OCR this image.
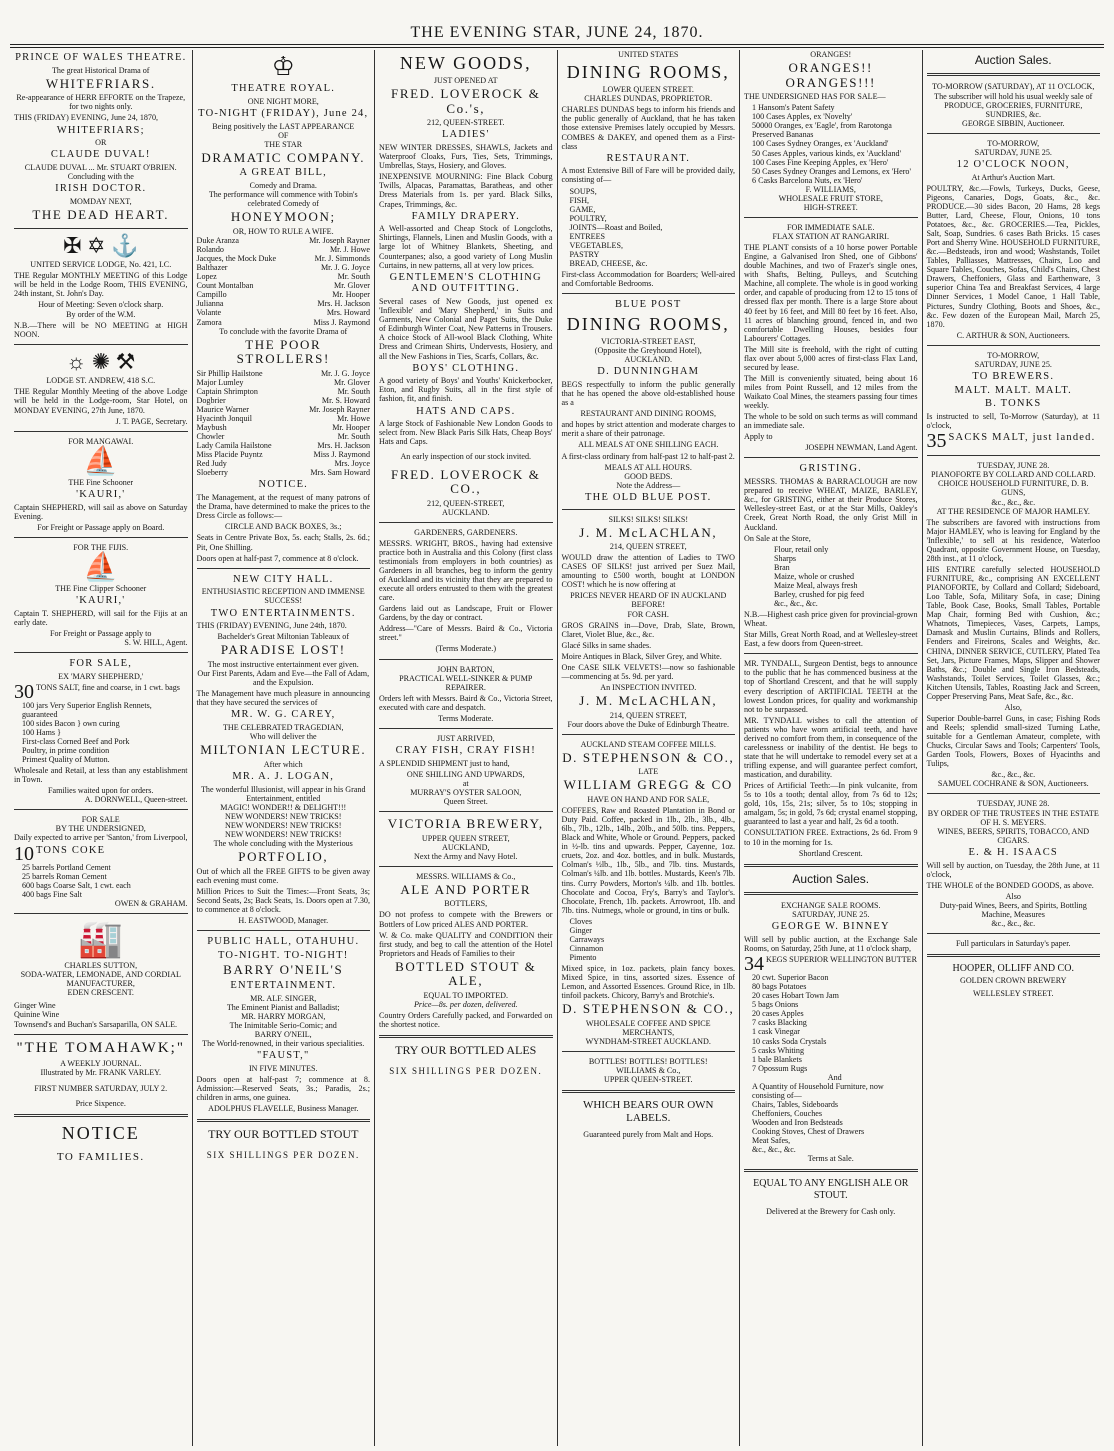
THE EVENING STAR, JUNE 24, 1870.
PRINCE OF WALES THEATRE.
The great Historical Drama of
WHITEFRIARS.
Re-appearance of HERR EFFORTE on the Trapeze, for two nights only.
THIS (FRIDAY) EVENING, June 24, 1870,
WHITEFRIARS;
OR
CLAUDE DUVAL!
CLAUDE DUVAL ... Mr. STUART O'BRIEN.
Concluding with the
IRISH DOCTOR.
MOMDAY NEXT,
THE DEAD HEART.
✠ ✡ ⚓
UNITED SERVICE LODGE, No. 421, I.C.
THE Regular MONTHLY MEETING of this Lodge will be held in the Lodge Room, THIS EVENING, 24th instant, St. John's Day.
Hour of Meeting: Seven o'clock sharp.
By order of the W.M.
N.B.—There will be NO MEETING at HIGH NOON.
☼ ✺ ⚒
LODGE ST. ANDREW, 418 S.C.
THE Regular Monthly Meeting of the above Lodge will be held in the Lodge-room, Star Hotel, on MONDAY EVENING, 27th June, 1870.
J. T. PAGE, Secretary.
FOR MANGAWAI.
⛵
THE Fine Schooner
'KAURI,'
Captain SHEPHERD, will sail as above on Saturday Evening.
For Freight or Passage apply on Board.
FOR THE FIJIS.
⛵
THE Fine Clipper Schooner
'KAURI,'
Captain T. SHEPHERD, will sail for the Fijis at an early date.
For Freight or Passage apply to
S. W. HILL, Agent.
FOR SALE,
EX 'MARY SHEPHERD,'
30 TONS SALT, fine and coarse, in 1 cwt. bags
100 jars Very Superior English Rennets, guaranteed
100 sides Bacon } own curing
100 Hams }
First-class Corned Beef and Pork
Poultry, in prime condition
Primest Quality of Mutton.
Wholesale and Retail, at less than any establishment in Town.
Families waited upon for orders.
A. DORNWELL, Queen-street.
FOR SALE
BY THE UNDERSIGNED,
Daily expected to arrive per 'Santon,' from Liverpool,
10 TONS COKE
25 barrels Portland Cement
25 barrels Roman Cement
600 bags Coarse Salt, 1 cwt. each
400 bags Fine Salt
OWEN & GRAHAM.
🏭
CHARLES SUTTON,
SODA-WATER, LEMONADE, AND CORDIAL MANUFACTURER,
EDEN CRESCENT.
Ginger Wine
Quinine Wine
Townsend's and Buchan's Sarsaparilla, ON SALE.
"THE TOMAHAWK;"
A WEEKLY JOURNAL.
Illustrated by Mr. FRANK VARLEY.
FIRST NUMBER SATURDAY, JULY 2.
Price Sixpence.
NOTICE
TO FAMILIES.
♔
THEATRE ROYAL.
ONE NIGHT MORE,
TO-NIGHT (FRIDAY), June 24,
Being positively the LAST APPEARANCE
OF
THE STAR
DRAMATIC COMPANY.
A GREAT BILL,
Comedy and Drama.
The performance will commence with Tobin's celebrated Comedy of
HONEYMOON;
OR, HOW TO RULE A WIFE.
Duke Aranza	Mr. Joseph Rayner
Rolando	Mr. J. Howe
Jacques, the Mock Duke	Mr. J. Simmonds
Balthazer	Mr. J. G. Joyce
Lopez	Mr. South
Count Montalban	Mr. Glover
Campillo	Mr. Hooper
Julianna	Mrs. H. Jackson
Volante	Mrs. Howard
Zamora	Miss J. Raymond
To conclude with the favorite Drama of
THE POOR STROLLERS!
Sir Phillip Hailstone	Mr. J. G. Joyce
Major Lumley	Mr. Glover
Captain Shrimpton	Mr. South
Dogbrier	Mr. S. Howard
Maurice Warner	Mr. Joseph Rayner
Hyacinth Jonquil	Mr. Howe
Maybush	Mr. Hooper
Chowler	Mr. South
Lady Camila Hailstone	Mrs. H. Jackson
Miss Placide Puyntz	Miss J. Raymond
Red Judy	Mrs. Joyce
Sloeberry	Mrs. Sam Howard
NOTICE.
The Management, at the request of many patrons of the Drama, have determined to make the prices to the Dress Circle as follows:—
CIRCLE AND BACK BOXES, 3s.;
Seats in Centre Private Box, 5s. each; Stalls, 2s. 6d.; Pit, One Shilling.
Doors open at half-past 7, commence at 8 o'clock.
NEW CITY HALL.
ENTHUSIASTIC RECEPTION AND IMMENSE SUCCESS!
TWO ENTERTAINMENTS.
THIS (FRIDAY) EVENING, June 24th, 1870.
Bachelder's Great Miltonian Tableaux of
PARADISE LOST!
The most instructive entertainment ever given.
Our First Parents, Adam and Eve—the Fall of Adam, and the Expulsion.
The Management have much pleasure in announcing that they have secured the services of
MR. W. G. CAREY,
THE CELEBRATED TRAGEDIAN,
Who will deliver the
MILTONIAN LECTURE.
After which
MR. A. J. LOGAN,
The wonderful Illusionist, will appear in his Grand Entertainment, entitled
MAGIC! WONDER!! & DELIGHT!!!
NEW WONDERS! NEW TRICKS!
NEW WONDERS! NEW TRICKS!
NEW WONDERS! NEW TRICKS!
The whole concluding with the Mysterious
PORTFOLIO,
Out of which all the FREE GIFTS to be given away each evening must come.
Million Prices to Suit the Times:—Front Seats, 3s; Second Seats, 2s; Back Seats, 1s. Doors open at 7.30, to commence at 8 o'clock.
H. EASTWOOD, Manager.
PUBLIC HALL, OTAHUHU.
TO-NIGHT. TO-NIGHT!
BARRY O'NEIL'S
ENTERTAINMENT.
MR. ALF. SINGER,
The Eminent Pianist and Balladist;
MR. HARRY MORGAN,
The Inimitable Serio-Comic; and
BARRY O'NEIL,
The World-renowned, in their various specialities.
"FAUST,"
IN FIVE MINUTES.
Doors open at half-past 7; commence at 8. Admission:—Reserved Seats, 3s.; Paradis, 2s.; children in arms, one guinea.
ADOLPHUS FLAVELLE, Business Manager.
TRY OUR BOTTLED STOUT
SIX SHILLINGS PER DOZEN.
NEW GOODS,
JUST OPENED AT
FRED. LOVEROCK & Co.'s,
212, QUEEN-STREET.
LADIES'
NEW WINTER DRESSES, SHAWLS, Jackets and Waterproof Cloaks, Furs, Ties, Sets, Trimmings, Umbrellas, Stays, Hosiery, and Gloves.
INEXPENSIVE MOURNING: Fine Black Coburg Twills, Alpacas, Paramattas, Baratheas, and other Dress Materials from 1s. per yard. Black Silks, Crapes, Trimmings, &c.
FAMILY DRAPERY.
A Well-assorted and Cheap Stock of Longcloths, Shirtings, Flannels, Linen and Muslin Goods, with a large lot of Whitney Blankets, Sheeting, and Counterpanes; also, a good variety of Long Muslin Curtains, in new patterns, all at very low prices.
GENTLEMEN'S CLOTHING AND OUTFITTING.
Several cases of New Goods, just opened ex 'Inflexible' and 'Mary Shepherd,' in Suits and Garments, New Colonial and Paget Suits, the Duke of Edinburgh Winter Coat, New Patterns in Trousers. A choice Stock of All-wool Black Clothing, White Dress and Crimean Shirts, Undervests, Hosiery, and all the New Fashions in Ties, Scarfs, Collars, &c.
BOYS' CLOTHING.
A good variety of Boys' and Youths' Knickerbocker, Eton, and Rugby Suits, all in the first style of fashion, fit, and finish.
HATS AND CAPS.
A large Stock of Fashionable New London Goods to select from. New Black Paris Silk Hats, Cheap Boys' Hats and Caps.
An early inspection of our stock invited.
FRED. LOVEROCK & CO.,
212, QUEEN-STREET,
AUCKLAND.
GARDENERS, GARDENERS.
MESSRS. WRIGHT, BROS., having had extensive practice both in Australia and this Colony (first class testimonials from employers in both countries) as Gardeners in all branches, beg to inform the gentry of Auckland and its vicinity that they are prepared to execute all orders entrusted to them with the greatest care.
Gardens laid out as Landscape, Fruit or Flower Gardens, by the day or contract.
Address—"Care of Messrs. Baird & Co., Victoria street."
(Terms Moderate.)
JOHN BARTON,
PRACTICAL WELL-SINKER & PUMP REPAIRER.
Orders left with Messrs. Baird & Co., Victoria Street, executed with care and despatch.
Terms Moderate.
JUST ARRIVED,
CRAY FISH, CRAY FISH!
A SPLENDID SHIPMENT just to hand,
ONE SHILLING AND UPWARDS,
at
MURRAY'S OYSTER SALOON,
Queen Street.
VICTORIA BREWERY,
UPPER QUEEN STREET,
AUCKLAND,
Next the Army and Navy Hotel.
MESSRS. WILLIAMS & Co.,
ALE AND PORTER
BOTTLERS,
DO not profess to compete with the Brewers or Bottlers of Low priced ALES AND PORTER.
W. & Co. make QUALITY and CONDITION their first study, and beg to call the attention of the Hotel Proprietors and Heads of Families to their
BOTTLED STOUT & ALE,
EQUAL TO IMPORTED.
Price—8s. per dozen, delivered.
Country Orders Carefully packed, and Forwarded on the shortest notice.
TRY OUR BOTTLED ALES
SIX SHILLINGS PER DOZEN.
UNITED STATES
DINING ROOMS,
LOWER QUEEN STREET.
CHARLES DUNDAS, PROPRIETOR.
CHARLES DUNDAS begs to inform his friends and the public generally of Auckland, that he has taken those extensive Premises lately occupied by Messrs. COMBES & DAKEY, and opened them as a First-class
RESTAURANT.
A most Extensive Bill of Fare will be provided daily, consisting of—
SOUPS,
FISH,
GAME,
POULTRY,
JOINTS—Roast and Boiled,
ENTREES
VEGETABLES,
PASTRY
BREAD, CHEESE, &c.
First-class Accommodation for Boarders; Well-aired and Comfortable Bedrooms.
BLUE POST
DINING ROOMS,
VICTORIA-STREET EAST,
(Opposite the Greyhound Hotel),
AUCKLAND.
D. DUNNINGHAM
BEGS respectfully to inform the public generally that he has opened the above old-established house as a
RESTAURANT AND DINING ROOMS,
and hopes by strict attention and moderate charges to merit a share of their patronage.
ALL MEALS AT ONE SHILLING EACH.
A first-class ordinary from half-past 12 to half-past 2.
MEALS AT ALL HOURS.
GOOD BEDS.
Note the Address—
THE OLD BLUE POST.
SILKS! SILKS! SILKS!
J. M. McLACHLAN,
214, QUEEN STREET,
WOULD draw the attention of Ladies to TWO CASES OF SILKS! just arrived per Suez Mail, amounting to £500 worth, bought at LONDON COST! which he is now offering at
PRICES NEVER HEARD OF IN AUCKLAND BEFORE!
FOR CASH.
GROS GRAINS in—Dove, Drab, Slate, Brown, Claret, Violet Blue, &c., &c.
Glacé Silks in same shades.
Moire Antiques in Black, Silver Grey, and White.
One CASE SILK VELVETS!—now so fashionable—commencing at 5s. 9d. per yard.
An INSPECTION INVITED.
J. M. McLACHLAN,
214, QUEEN STREET,
Four doors above the Duke of Edinburgh Theatre.
AUCKLAND STEAM COFFEE MILLS.
D. STEPHENSON & CO.,
LATE
WILLIAM GREGG & CO
HAVE ON HAND AND FOR SALE,
COFFEES, Raw and Roasted Plantation in Bond or Duty Paid. Coffee, packed in 1lb., 2lb., 3lb., 4lb., 6lb., 7lb., 12lb., 14lb., 20lb., and 50lb. tins. Peppers, Black and White, Whole or Ground. Peppers, packed in ½-lb. tins and upwards. Pepper, Cayenne, 1oz. cruets, 2oz. and 4oz. bottles, and in bulk. Mustards, Colman's ½lb., 1lb., 5lb., and 7lb. tins. Mustards, Colman's ¼lb. and 1lb. bottles. Mustards, Keen's 7lb. tins. Curry Powders, Morton's ¼lb. and 1lb. bottles. Chocolate and Cocoa, Fry's, Barry's and Taylor's. Chocolate, French, 1lb. packets. Arrowroot, 1lb. and 7lb. tins. Nutmegs, whole or ground, in tins or bulk.
Cloves
Ginger
Carraways
Cinnamon
Pimento
Mixed spice, in 1oz. packets, plain fancy boxes. Mixed Spice, in tins, assorted sizes. Essence of Lemon, and Assorted Essences. Ground Rice, in 1lb. tinfoil packets. Chicory, Barry's and Brotchie's.
D. STEPHENSON & CO.,
WHOLESALE COFFEE AND SPICE MERCHANTS,
WYNDHAM-STREET AUCKLAND.
BOTTLES! BOTTLES! BOTTLES!
WILLIAMS & Co.,
UPPER QUEEN-STREET.
WHICH BEARS OUR OWN LABELS.
Guaranteed purely from Malt and Hops.
ORANGES!
ORANGES!! ORANGES!!!
THE UNDERSIGNED HAS FOR SALE—
1 Hansom's Patent Safety
100 Cases Apples, ex 'Novelty'
50000 Oranges, ex 'Eagle', from Rarotonga
Preserved Bananas
100 Cases Sydney Oranges, ex 'Auckland'
50 Cases Apples, various kinds, ex 'Auckland'
100 Cases Fine Keeping Apples, ex 'Hero'
50 Cases Sydney Oranges and Lemons, ex 'Hero'
6 Casks Barcelona Nuts, ex 'Hero'
F. WILLIAMS,
WHOLESALE FRUIT STORE,
HIGH-STREET.
FOR IMMEDIATE SALE.
FLAX STATION AT RANGARIRI.
THE PLANT consists of a 10 horse power Portable Engine, a Galvanised Iron Shed, one of Gibbons' double Machines, and two of Frazer's single ones, with Shafts, Belting, Pulleys, and Scutching Machine, all complete. The whole is in good working order, and capable of producing from 12 to 15 tons of dressed flax per month. There is a large Store about 40 feet by 16 feet, and Mill 80 feet by 16 feet. Also, 11 acres of blanching ground, fenced in, and two comfortable Dwelling Houses, besides four Labourers' Cottages.
The Mill site is freehold, with the right of cutting flax over about 5,000 acres of first-class Flax Land, secured by lease.
The Mill is conveniently situated, being about 16 miles from Point Russell, and 12 miles from the Waikato Coal Mines, the steamers passing four times weekly.
The whole to be sold on such terms as will command an immediate sale.
Apply to
JOSEPH NEWMAN, Land Agent.
GRISTING.
MESSRS. THOMAS & BARRACLOUGH are now prepared to receive WHEAT, MAIZE, BARLEY, &c., for GRISTING, either at their Produce Stores, Wellesley-street East, or at the Star Mills, Oakley's Creek, Great North Road, the only Grist Mill in Auckland.
On Sale at the Store,
Flour, retail only
Sharps
Bran
Maize, whole or crushed
Maize Meal, always fresh
Barley, crushed for pig feed
&c., &c., &c.
N.B.—Highest cash price given for provincial-grown Wheat.
Star Mills, Great North Road, and at Wellesley-street East, a few doors from Queen-street.
MR. TYNDALL, Surgeon Dentist, begs to announce to the public that he has commenced business at the top of Shortland Crescent, and that he will supply every description of ARTIFICIAL TEETH at the lowest London prices, for quality and workmanship not to be surpassed.
MR. TYNDALL wishes to call the attention of patients who have worn artificial teeth, and have derived no comfort from them, in consequence of the carelessness or inability of the dentist. He begs to state that he will undertake to remodel every set at a trifling expense, and will guarantee perfect comfort, mastication, and durability.
Prices of Artificial Teeth:—In pink vulcanite, from 5s to 10s a tooth; dental alloy, from 7s 6d to 12s; gold, 10s, 15s, 21s; silver, 5s to 10s; stopping in amalgam, 5s; in gold, 7s 6d; crystal enamel stopping, guaranteed to last a year and half, 2s 6d a tooth.
CONSULTATION FREE. Extractions, 2s 6d. From 9 to 10 in the morning for 1s.
Shortland Crescent.
Auction Sales.
EXCHANGE SALE ROOMS.
SATURDAY, JUNE 25.
GEORGE W. BINNEY
Will sell by public auction, at the Exchange Sale Rooms, on Saturday, 25th June, at 11 o'clock sharp,
34 KEGS SUPERIOR WELLINGTON BUTTER
20 cwt. Superior Bacon
80 bags Potatoes
20 cases Hobart Town Jam
5 bags Onions
20 cases Apples
7 casks Blacking
1 cask Vinegar
10 casks Soda Crystals
5 casks Whiting
1 bale Blankets
7 Opossum Rugs
And
A Quantity of Household Furniture, now consisting of—
Chairs, Tables, Sideboards
Cheffoniers, Couches
Wooden and Iron Bedsteads
Cooking Stoves, Chest of Drawers
Meat Safes,
&c., &c., &c.
Terms at Sale.
EQUAL TO ANY ENGLISH ALE OR STOUT.
Delivered at the Brewery for Cash only.
Auction Sales.
TO-MORROW (SATURDAY), AT 11 O'CLOCK,
The subscriber will hold his usual weekly sale of
PRODUCE, GROCERIES, FURNITURE, SUNDRIES, &c.
GEORGE SIBBIN, Auctioneer.
TO-MORROW,
SATURDAY, JUNE 25.
12 O'CLOCK NOON,
At Arthur's Auction Mart.
POULTRY, &c.—Fowls, Turkeys, Ducks, Geese, Pigeons, Canaries, Dogs, Goats, &c., &c. PRODUCE.—30 sides Bacon, 20 Hams, 28 kegs Butter, Lard, Cheese, Flour, Onions, 10 tons Potatoes, &c., &c. GROCERIES.—Tea, Pickles, Salt, Soap, Sundries. 6 cases Bath Bricks. 15 cases Port and Sherry Wine. HOUSEHOLD FURNITURE, &c.—Bedsteads, iron and wood; Washstands, Toilet Tables, Palliasses, Mattresses, Chairs, Loo and Square Tables, Couches, Sofas, Child's Chairs, Chest Drawers, Cheffoniers, Glass and Earthenware, 3 superior China Tea and Breakfast Services, 4 large Dinner Services, 1 Model Canoe, 1 Hall Table, Pictures, Sundry Clothing, Boots and Shoes, &c., &c. Few dozen of the European Mail, March 25, 1870.
C. ARTHUR & SON, Auctioneers.
TO-MORROW,
SATURDAY, JUNE 25.
TO BREWERS.
MALT. MALT. MALT.
B. TONKS
Is instructed to sell, To-Morrow (Saturday), at 11 o'clock,
35 SACKS MALT, just landed.
TUESDAY, JUNE 28.
PIANOFORTE BY COLLARD AND COLLARD.
CHOICE HOUSEHOLD FURNITURE, D. B. GUNS,
&c., &c., &c.
AT THE RESIDENCE OF MAJOR HAMLEY.
The subscribers are favored with instructions from Major HAMLEY, who is leaving for England by the 'Inflexible,' to sell at his residence, Waterloo Quadrant, opposite Government House, on Tuesday, 28th inst., at 11 o'clock,
HIS ENTIRE carefully selected HOUSEHOLD FURNITURE, &c., comprising AN EXCELLENT PIANOFORTE, by Collard and Collard; Sideboard, Loo Table, Sofa, Military Sofa, in case; Dining Table, Book Case, Books, Small Tables, Portable Map Chair, forming Bed with Cushion, &c.; Whatnots, Timepieces, Vases, Carpets, Lamps, Damask and Muslin Curtains, Blinds and Rollers, Fenders and Fireirons, Scales and Weights, &c. CHINA, DINNER SERVICE, CUTLERY, Plated Tea Set, Jars, Picture Frames, Maps, Slipper and Shower Baths, &c.; Double and Single Iron Bedsteads, Washstands, Toilet Services, Toilet Glasses, &c.; Kitchen Utensils, Tables, Roasting Jack and Screen, Copper Preserving Pans, Meat Safe, &c., &c.
Also,
Superior Double-barrel Guns, in case; Fishing Rods and Reels; splendid small-sized Turning Lathe, suitable for a Gentleman Amateur, complete, with Chucks, Circular Saws and Tools; Carpenters' Tools, Garden Tools, Flowers, Boxes of Hyacinths and Tulips,
&c., &c., &c.
SAMUEL COCHRANE & SON, Auctioneers.
TUESDAY, JUNE 28.
BY ORDER OF THE TRUSTEES IN THE ESTATE OF H. S. MEYERS.
WINES, BEERS, SPIRITS, TOBACCO, AND CIGARS.
E. & H. ISAACS
Will sell by auction, on Tuesday, the 28th June, at 11 o'clock,
THE WHOLE of the BONDED GOODS, as above.
Also
Duty-paid Wines, Beers, and Spirits, Bottling Machine, Measures
&c., &c., &c.
Full particulars in Saturday's paper.
HOOPER, OLLIFF AND CO.
GOLDEN CROWN BREWERY
WELLESLEY STREET.
